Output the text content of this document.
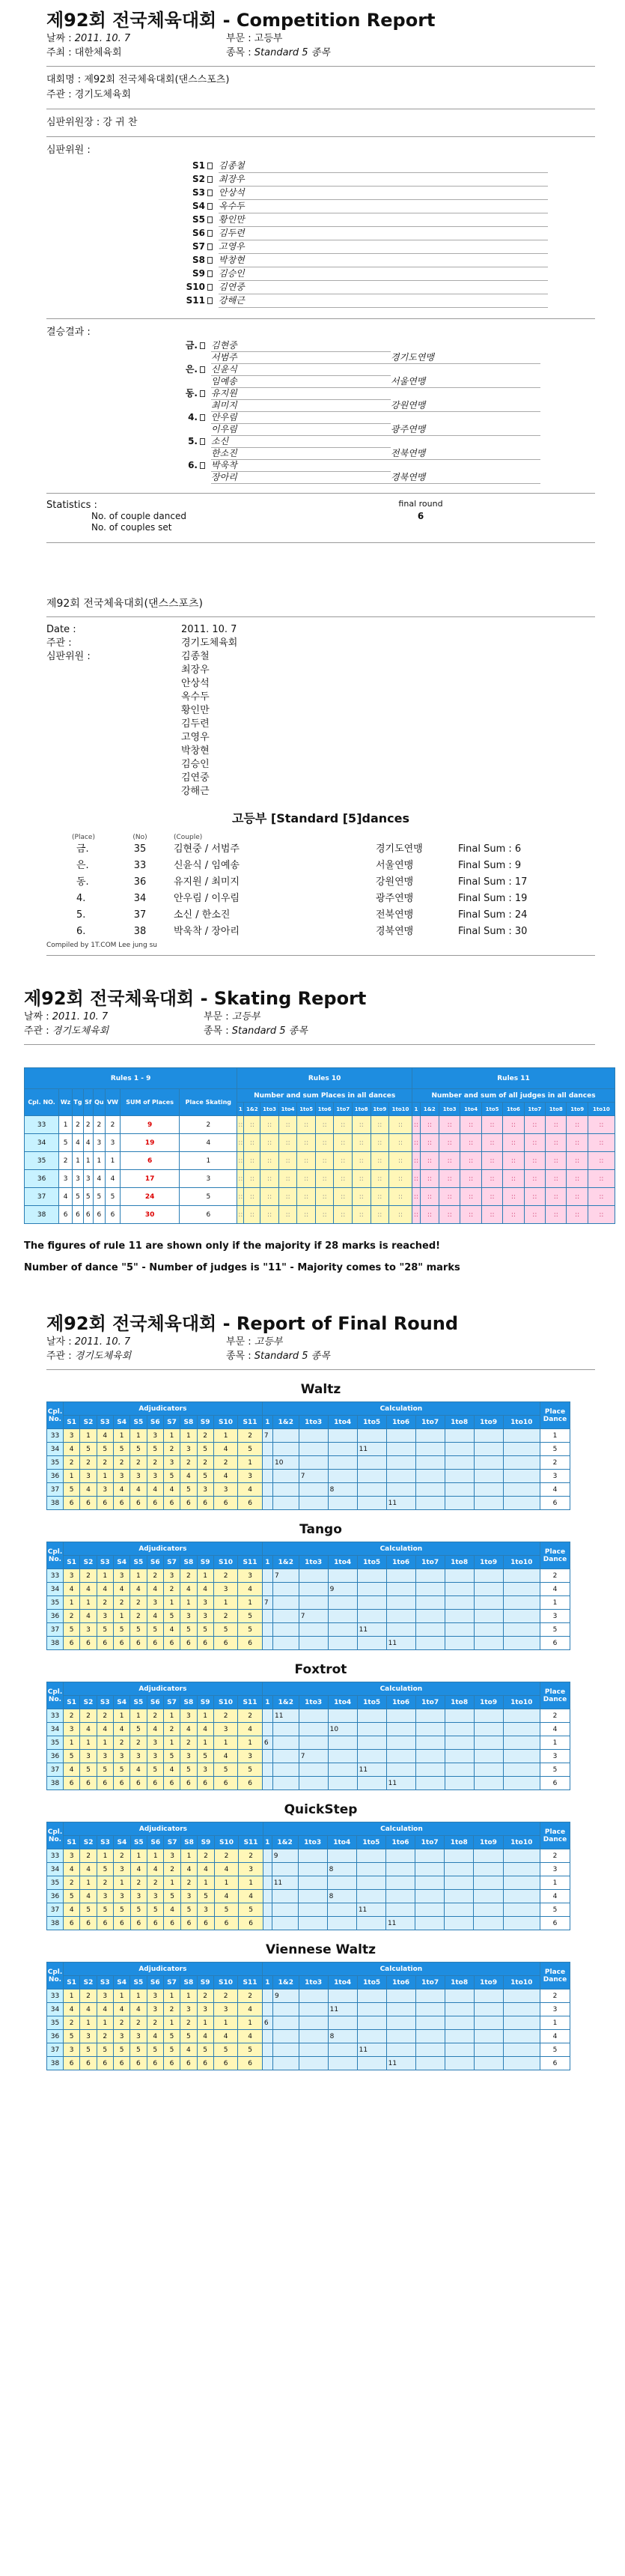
제92회 전국체육대회 - Competition Report
날짜 : 2011. 10. 7	부문 : 고등부
주최 : 대한체육회	종목 : Standard 5 종목
대회명 : 제92회 전국체육대회(댄스스포츠)
주관 : 경기도체육회
심판위원장 : 강 귀 찬
심판위원 :
S1	김종철
S2	최장우
S3	안상석
S4	옥수두
S5	황인만
S6	김두련
S7	고영우
S8	박창현
S9	김승인
S10	김연중
S11	강해근
결승결과 :
금.	김현중
서범주	경기도연맹
은.	신윤식
임예송	서울연맹
동.	유지원
최미지	강원연맹
4.	안우림
이우림	광주연맹
5.	소신
한소진	전북연맹
6.	박욱착
장아리	경북연맹
Statistics :	final round
No. of couple danced	6
No. of couples set
제92회 전국체육대회(댄스스포츠)
Date :	2011. 10. 7
주관 :	경기도체육회
심판위원 :	김종철
최장우
안상석
옥수두
황인만
김두련
고영우
박창현
김승인
김연중
강해근
고등부 [Standard [5]dances
(Place)	(No)	(Couple)
금.	35	김현중 / 서범주	경기도연맹	Final Sum : 6
은.	33	신윤식 / 임예송	서울연맹	Final Sum : 9
동.	36	유지원 / 최미지	강원연맹	Final Sum : 17
4.	34	안우림 / 이우림	광주연맹	Final Sum : 19
5.	37	소신 / 한소진	전북연맹	Final Sum : 24
6.	38	박욱착 / 장아리	경북연맹	Final Sum : 30
Compiled by 1T.COM Lee jung su
제92회 전국체육대회 - Skating Report
날짜 : 2011. 10. 7	부문 : 고등부
주관 : 경기도체육회	종목 : Standard 5 종목
Rules 1 - 9								Rules 10										Rules 11									
Cpl. NO.	Wz	Tg	Sf	Qu	VW	SUM of Places	Place Skating	Number and sum Places in all dances										Number and sum of all judges in all dances									
								1	1&2	1to3	1to4	1to5	1to6	1to7	1to8	1to9	1to10	1	1&2	1to3	1to4	1to5	1to6	1to7	1to8	1to9	1to10
33	1	2	2	2	2	9	2	::	::	::	::	::	::	::	::	::	::	::	::	::	::	::	::	::	::	::	::
34	5	4	4	3	3	19	4	::	::	::	::	::	::	::	::	::	::	::	::	::	::	::	::	::	::	::	::
35	2	1	1	1	1	6	1	::	::	::	::	::	::	::	::	::	::	::	::	::	::	::	::	::	::	::	::
36	3	3	3	4	4	17	3	::	::	::	::	::	::	::	::	::	::	::	::	::	::	::	::	::	::	::	::
37	4	5	5	5	5	24	5	::	::	::	::	::	::	::	::	::	::	::	::	::	::	::	::	::	::	::	::
38	6	6	6	6	6	30	6	::	::	::	::	::	::	::	::	::	::	::	::	::	::	::	::	::	::	::	::
The figures of rule 11 are shown only if the majority if 28 marks is reached!
Number of dance "5" - Number of judges is "11" - Majority comes to "28" marks
제92회 전국체육대회 - Report of Final Round
날자 : 2011. 10. 7	부문 : 고등부
주관 : 경기도체육회	종목 : Standard 5 종목
Waltz
Cpl. No.	Adjudicators											Calculation										Place Dance
	S1	S2	S3	S4	S5	S6	S7	S8	S9	S10	S11	1	1&2	1to3	1to4	1to5	1to6	1to7	1to8	1to9	1to10	
33	3	1	4	1	1	3	1	1	2	1	2	7										1
34	4	5	5	5	5	5	2	3	5	4	5					11						5
35	2	2	2	2	2	2	3	2	2	2	1		10									2
36	1	3	1	3	3	3	5	4	5	4	3			7								3
37	5	4	3	4	4	4	4	5	3	3	4				8							4
38	6	6	6	6	6	6	6	6	6	6	6						11					6
Tango
Cpl. No.	Adjudicators											Calculation										Place Dance
	S1	S2	S3	S4	S5	S6	S7	S8	S9	S10	S11	1	1&2	1to3	1to4	1to5	1to6	1to7	1to8	1to9	1to10	
33	3	2	1	3	1	2	3	2	1	2	3		7									2
34	4	4	4	4	4	4	2	4	4	3	4				9							4
35	1	1	2	2	2	3	1	1	3	1	1	7										1
36	2	4	3	1	2	4	5	3	3	2	5			7								3
37	5	3	5	5	5	5	4	5	5	5	5					11						5
38	6	6	6	6	6	6	6	6	6	6	6						11					6
Foxtrot
Cpl. No.	Adjudicators											Calculation										Place Dance
	S1	S2	S3	S4	S5	S6	S7	S8	S9	S10	S11	1	1&2	1to3	1to4	1to5	1to6	1to7	1to8	1to9	1to10	
33	2	2	2	1	1	2	1	3	1	2	2		11									2
34	3	4	4	4	5	4	2	4	4	3	4				10							4
35	1	1	1	2	2	3	1	2	1	1	1	6										1
36	5	3	3	3	3	3	5	3	5	4	3			7								3
37	4	5	5	5	4	5	4	5	3	5	5					11						5
38	6	6	6	6	6	6	6	6	6	6	6						11					6
QuickStep
Cpl. No.	Adjudicators											Calculation										Place Dance
	S1	S2	S3	S4	S5	S6	S7	S8	S9	S10	S11	1	1&2	1to3	1to4	1to5	1to6	1to7	1to8	1to9	1to10	
33	3	2	1	2	1	1	3	1	2	2	2		9									2
34	4	4	5	3	4	4	2	4	4	4	3				8							3
35	2	1	2	1	2	2	1	2	1	1	1		11									1
36	5	4	3	3	3	3	5	3	5	4	4				8							4
37	4	5	5	5	5	5	4	5	3	5	5					11						5
38	6	6	6	6	6	6	6	6	6	6	6						11					6
Viennese Waltz
Cpl. No.	Adjudicators											Calculation										Place Dance
	S1	S2	S3	S4	S5	S6	S7	S8	S9	S10	S11	1	1&2	1to3	1to4	1to5	1to6	1to7	1to8	1to9	1to10	
33	1	2	3	1	1	3	1	1	2	2	2		9									2
34	4	4	4	4	4	3	2	3	3	3	4				11							3
35	2	1	1	2	2	2	1	2	1	1	1	6										1
36	5	3	2	3	3	4	5	5	4	4	4				8							4
37	3	5	5	5	5	5	5	4	5	5	5					11						5
38	6	6	6	6	6	6	6	6	6	6	6						11					6
